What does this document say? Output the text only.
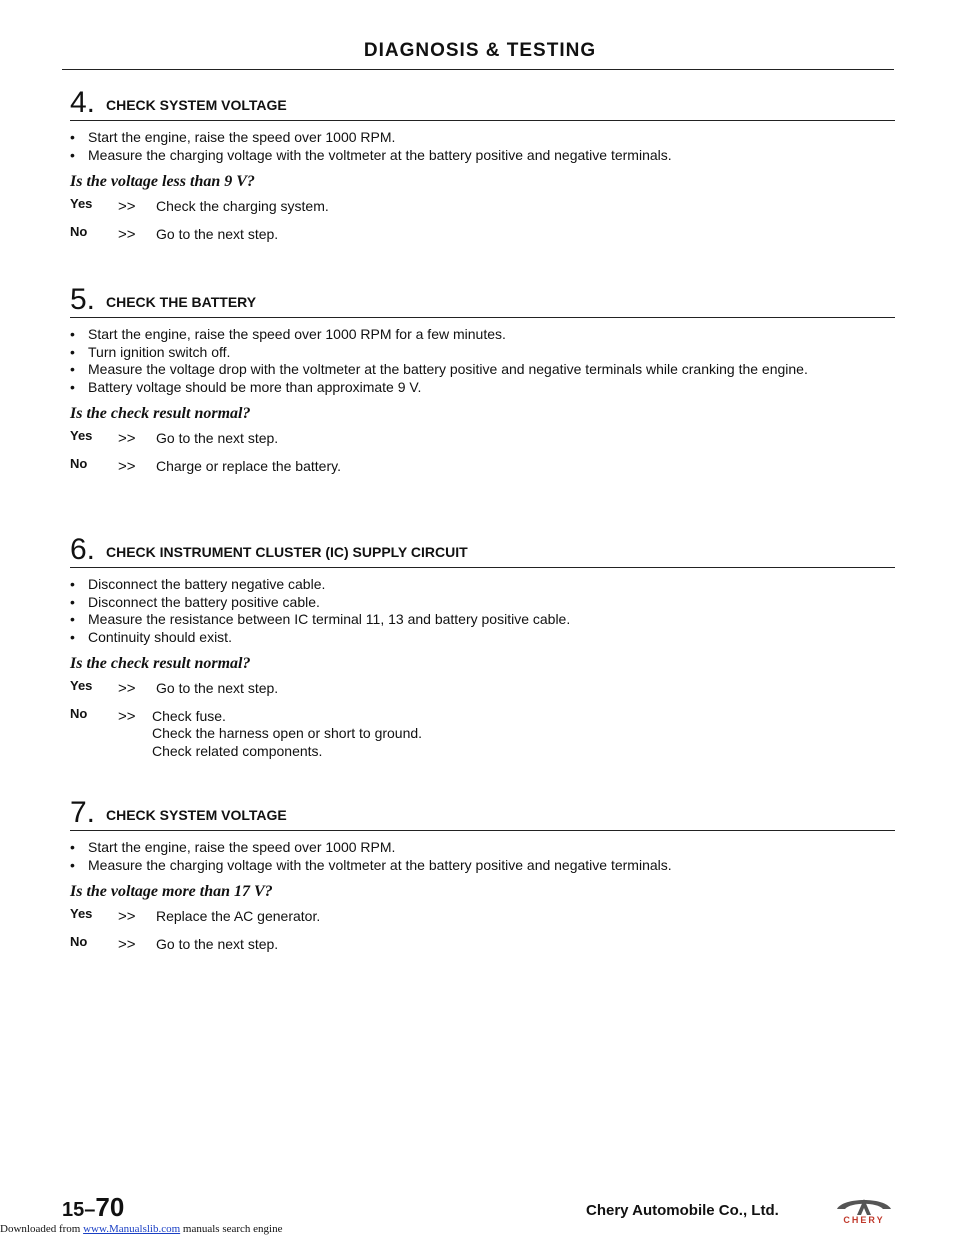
DIAGNOSIS & TESTING
4. CHECK SYSTEM VOLTAGE
• Start the engine, raise the speed over 1000 RPM.
• Measure the charging voltage with the voltmeter at the battery positive and negative terminals.
Is the voltage less than 9 V?
Yes >> Check the charging system.
No >> Go to the next step.
5. CHECK THE BATTERY
• Start the engine, raise the speed over 1000 RPM for a few minutes.
• Turn ignition switch off.
• Measure the voltage drop with the voltmeter at the battery positive and negative terminals while cranking the engine.
• Battery voltage should be more than approximate 9 V.
Is the check result normal?
Yes >> Go to the next step.
No >> Charge or replace the battery.
6. CHECK INSTRUMENT CLUSTER (IC) SUPPLY CIRCUIT
• Disconnect the battery negative cable.
• Disconnect the battery positive cable.
• Measure the resistance between IC terminal 11, 13 and battery positive cable.
• Continuity should exist.
Is the check result normal?
Yes >> Go to the next step.
No >> Check fuse.
Check the harness open or short to ground.
Check related components.
7. CHECK SYSTEM VOLTAGE
• Start the engine, raise the speed over 1000 RPM.
• Measure the charging voltage with the voltmeter at the battery positive and negative terminals.
Is the voltage more than 17 V?
Yes >> Replace the AC generator.
No >> Go to the next step.
15–70	Chery Automobile Co., Ltd.
CHERY
Downloaded from www.Manualslib.com manuals search engine
